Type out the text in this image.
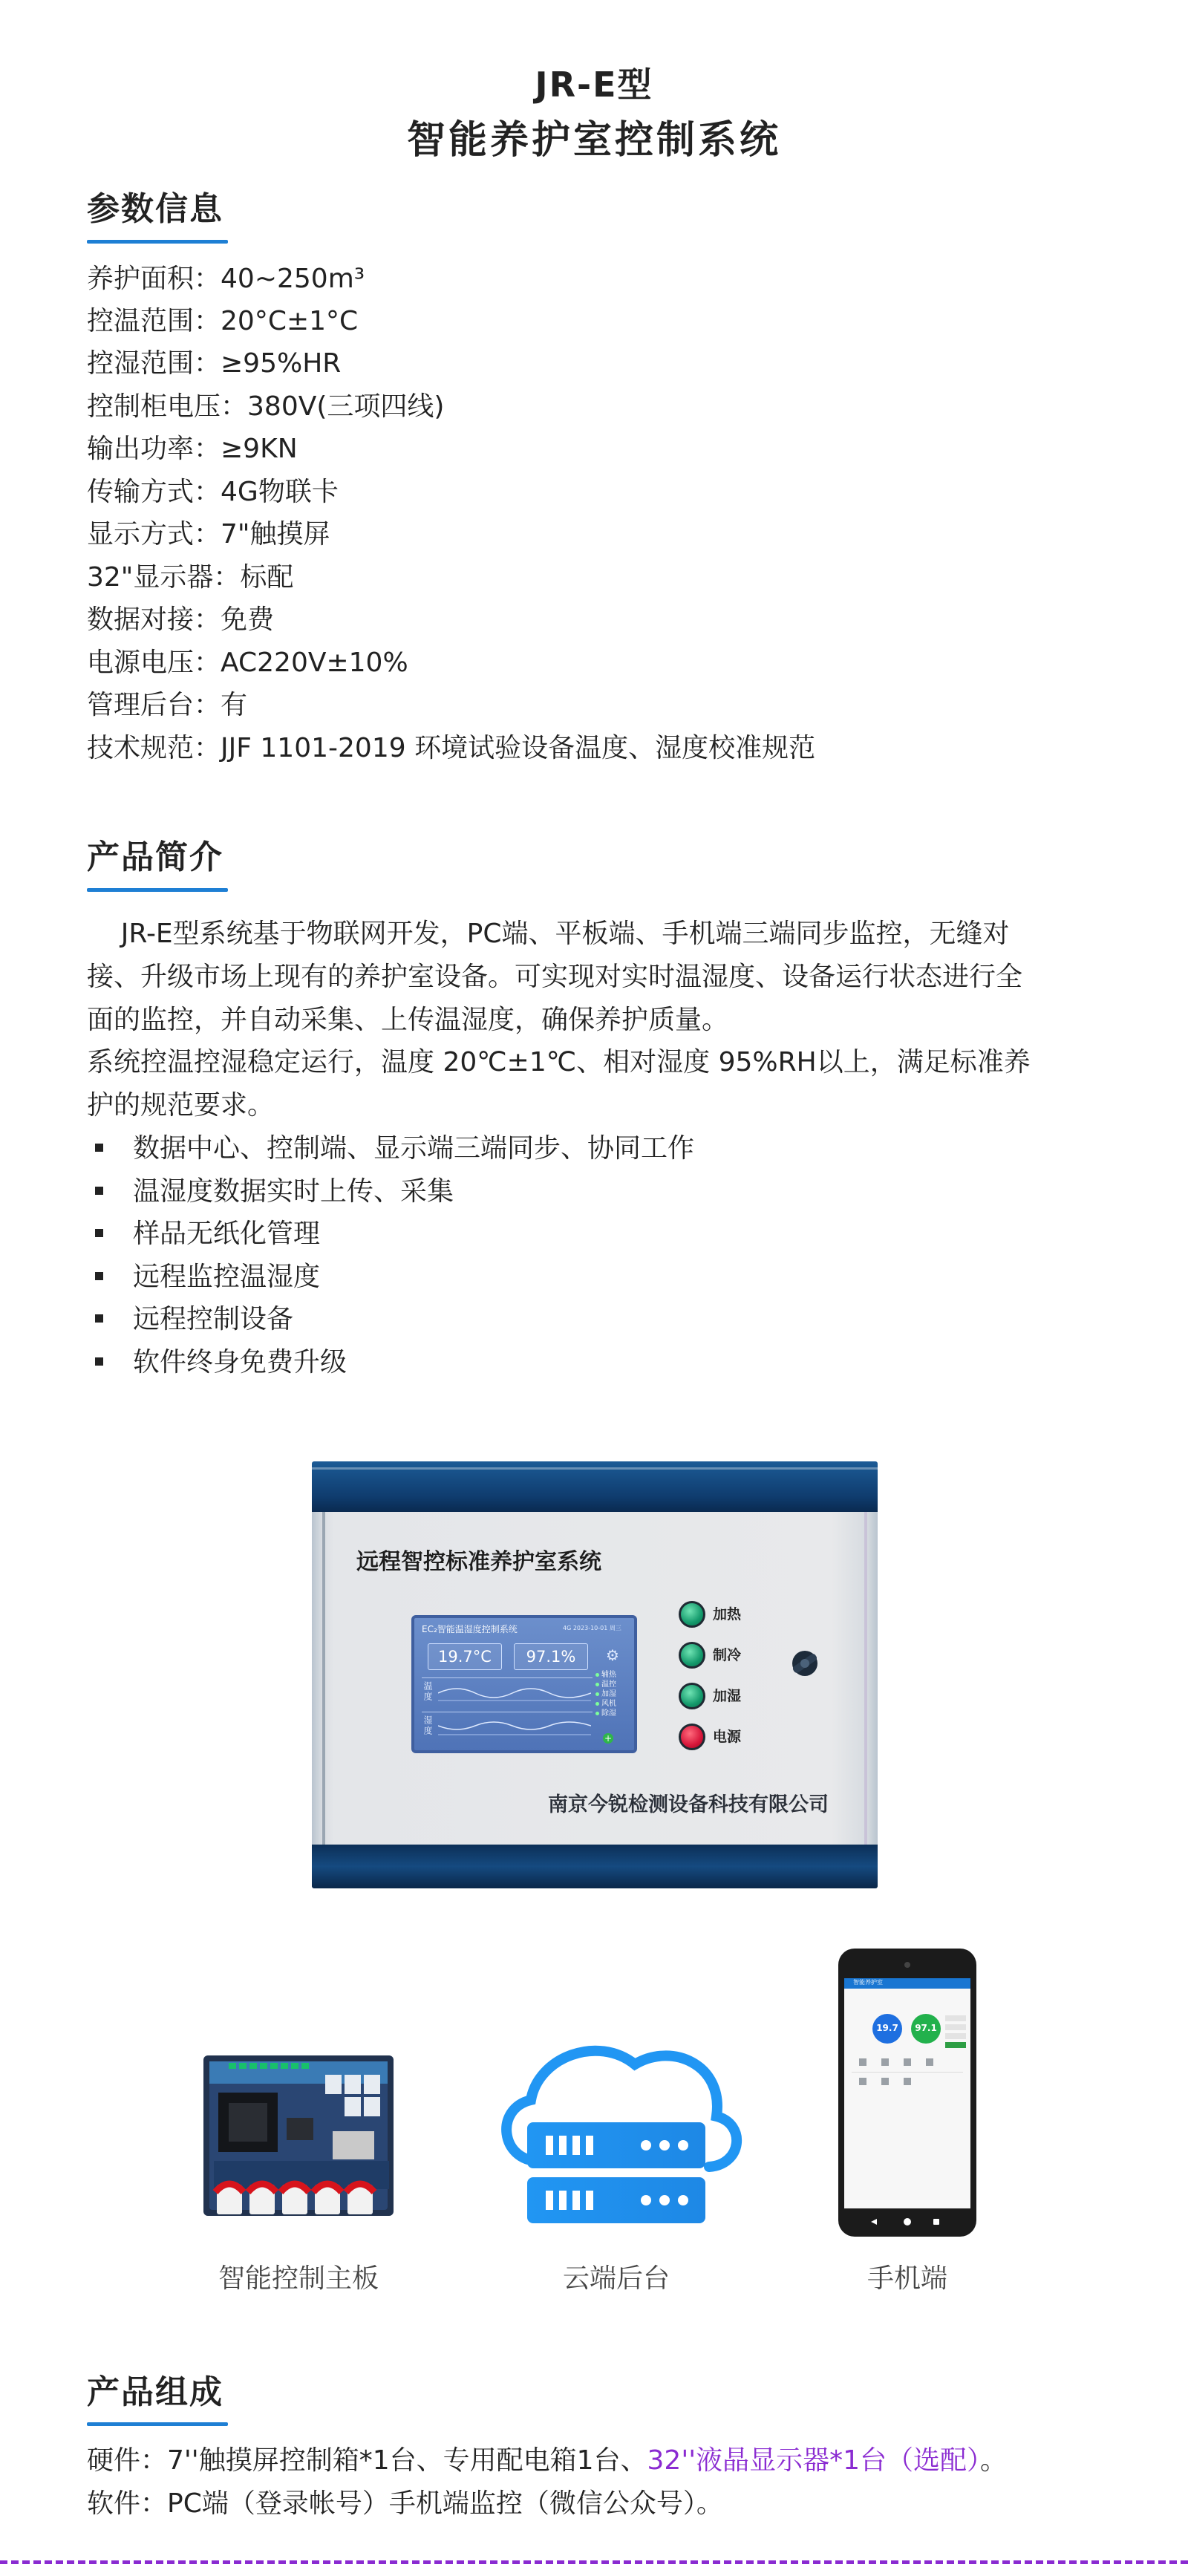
JR-E型
智能养护室控制系统
参数信息
养护面积：40~250m³
控温范围：20°C±1°C
控湿范围：≥95%HR
控制柜电压：380V(三项四线)
输出功率：≥9KN
传输方式：4G物联卡
显示方式：7"触摸屏
32"显示器：标配
数据对接：免费
电源电压：AC220V±10%
管理后台：有
技术规范：JJF 1101-2019 环境试验设备温度、湿度校准规范
产品简介
JR-E型系统基于物联网开发，PC端、平板端、手机端三端同步监控，无缝对
接、升级市场上现有的养护室设备。可实现对实时温湿度、设备运行状态进行全
面的监控，并自动采集、上传温湿度，确保养护质量。
系统控温控湿稳定运行，温度 20℃±1℃、相对湿度 95%RH以上，满足标准养
护的规范要求。
数据中心、控制端、显示端三端同步、协同工作
温湿度数据实时上传、采集
样品无纸化管理
远程监控温湿度
远程控制设备
软件终身免费升级
远程智控标准养护室系统
EC₂智能温湿度控制系统	4G 2023-10-01 周三
19.7°C	97.1%	⚙
温度
湿度
辅热
温控
加湿
风机
除湿
+
加热
制冷
加湿
电源
南京今锐检测设备科技有限公司
智能控制主板	云端后台
智能养护室
19.7	97.1
手机端
产品组成
硬件：7''触摸屏控制箱*1台、专用配电箱1台、32''液晶显示器*1台（选配）。
软件：PC端（登录帐号）手机端监控（微信公众号）。
